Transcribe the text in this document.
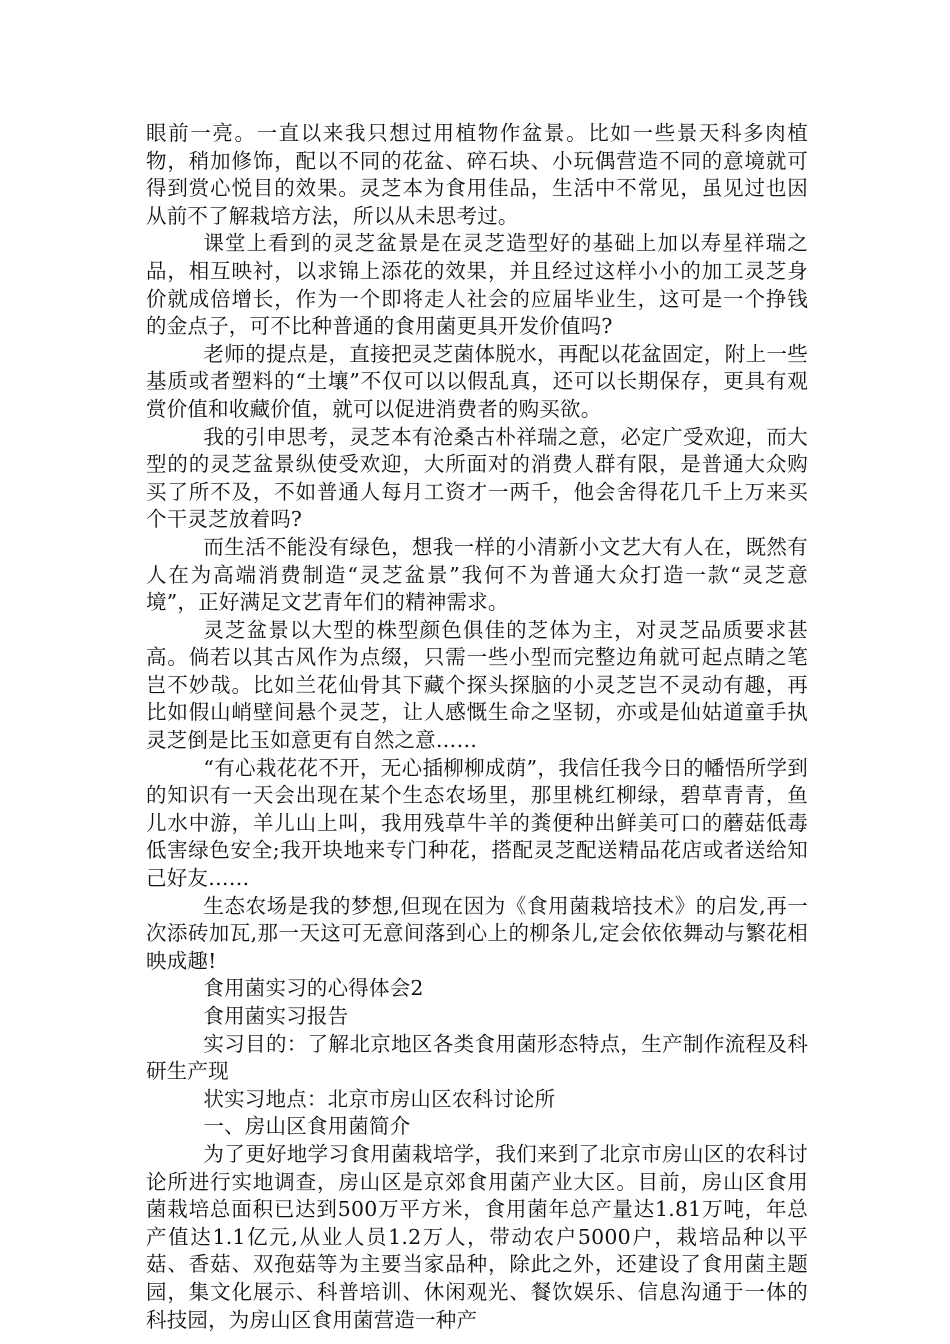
眼前一亮。一直以来我只想过用植物作盆景。比如一些景天科多肉植物，稍加修饰，配以不同的花盆、碎石块、小玩偶营造不同的意境就可得到赏心悦目的效果。灵芝本为食用佳品，生活中不常见，虽见过也因从前不了解栽培方法，所以从未思考过。

课堂上看到的灵芝盆景是在灵芝造型好的基础上加以寿星祥瑞之品，相互映衬，以求锦上添花的效果，并且经过这样小小的加工灵芝身价就成倍增长，作为一个即将走人社会的应届毕业生，这可是一个挣钱的金点子，可不比种普通的食用菌更具开发价值吗?

老师的提点是，直接把灵芝菌体脱水，再配以花盆固定，附上一些基质或者塑料的“土壤”不仅可以以假乱真，还可以长期保存，更具有观赏价值和收藏价值，就可以促进消费者的购买欲。

我的引申思考，灵芝本有沧桑古朴祥瑞之意，必定广受欢迎，而大型的的灵芝盆景纵使受欢迎，大所面对的消费人群有限，是普通大众购买了所不及，不如普通人每月工资才一两千，他会舍得花几千上万来买个干灵芝放着吗?

而生活不能没有绿色，想我一样的小清新小文艺大有人在，既然有人在为高端消费制造“灵芝盆景”我何不为普通大众打造一款“灵芝意境”，正好满足文艺青年们的精神需求。

灵芝盆景以大型的株型颜色俱佳的芝体为主，对灵芝品质要求甚高。倘若以其古风作为点缀，只需一些小型而完整边角就可起点睛之笔岂不妙哉。比如兰花仙骨其下藏个探头探脑的小灵芝岂不灵动有趣，再比如假山峭壁间悬个灵芝，让人感慨生命之坚韧，亦或是仙姑道童手执灵芝倒是比玉如意更有自然之意……

“有心栽花花不开，无心插柳柳成荫”，我信任我今日的幡悟所学到的知识有一天会出现在某个生态农场里，那里桃红柳绿，碧草青青，鱼儿水中游，羊儿山上叫，我用残草牛羊的粪便种出鲜美可口的蘑菇低毒低害绿色安全;我开块地来专门种花，搭配灵芝配送精品花店或者送给知己好友……

生态农场是我的梦想,但现在因为《食用菌栽培技术》的启发,再一次添砖加瓦,那一天这可无意间落到心上的柳条儿,定会依依舞动与繁花相映成趣!

食用菌实习的心得体会2

食用菌实习报告

实习目的：了解北京地区各类食用菌形态特点，生产制作流程及科研生产现

状实习地点：北京市房山区农科讨论所

一、房山区食用菌简介

为了更好地学习食用菌栽培学，我们来到了北京市房山区的农科讨论所进行实地调查，房山区是京郊食用菌产业大区。目前，房山区食用菌栽培总面积已达到500万平方米，食用菌年总产量达1.81万吨，年总产值达1.1亿元,从业人员1.2万人，带动农户5000户，栽培品种以平菇、香菇、双孢菇等为主要当家品种，除此之外，还建设了食用菌主题园，集文化展示、科普培训、休闲观光、餐饮娱乐、信息沟通于一体的科技园，为房山区食用菌营造一种产
